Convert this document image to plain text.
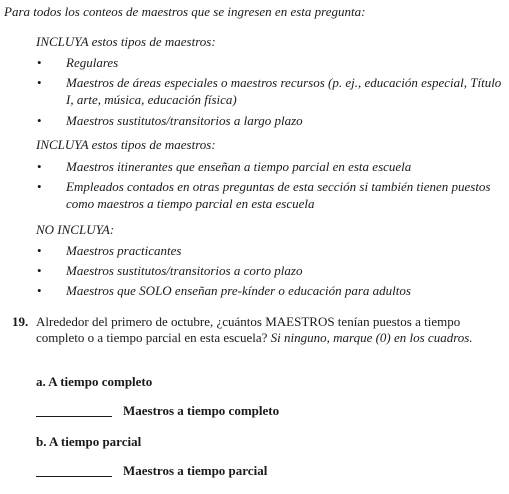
Para todos los conteos de maestros que se ingresen en esta pregunta:

INCLUYA estos tipos de maestros:

• Regulares
• Maestros de áreas especiales o maestros recursos (p. ej., educación especial, Título I, arte, música, educación física)
• Maestros sustitutos/transitorios a largo plazo

INCLUYA estos tipos de maestros:

• Maestros itinerantes que enseñan a tiempo parcial en esta escuela
• Empleados contados en otras preguntas de esta sección si también tienen puestos como maestros a tiempo parcial en esta escuela

NO INCLUYA:

• Maestros practicantes
• Maestros sustitutos/transitorios a corto plazo
• Maestros que SOLO enseñan pre-kínder o educación para adultos
19. Alrededor del primero de octubre, ¿cuántos MAESTROS tenían puestos a tiempo completo o a tiempo parcial en esta escuela? Si ninguno, marque (0) en los cuadros.
a. A tiempo completo
Maestros a tiempo completo
b. A tiempo parcial
Maestros a tiempo parcial
